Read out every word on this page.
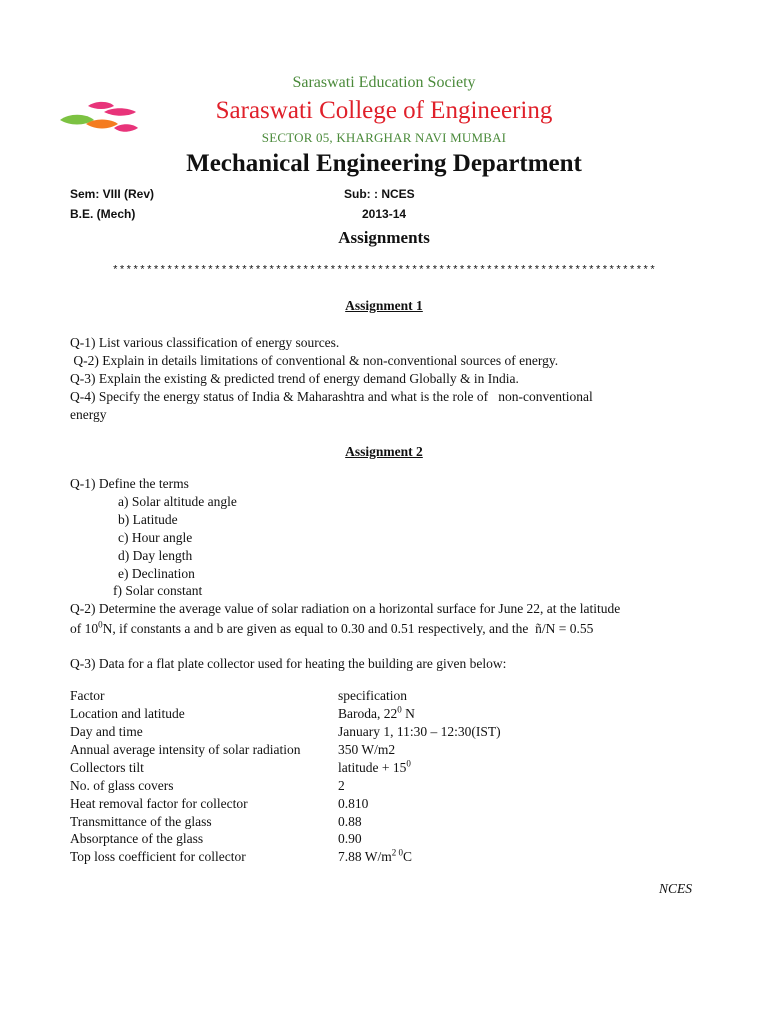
Saraswati Education Society
Saraswati College of Engineering
SECTOR 05, KHARGHAR NAVI MUMBAI
Mechanical Engineering Department
Sem: VIII (Rev)	Sub: : NCES
B.E. (Mech)	2013-14
Assignments
********************************************************************************
Assignment 1
Q-1) List various classification of energy sources.
Q-2) Explain in details limitations of conventional & non-conventional sources of energy.
Q-3) Explain the existing & predicted trend of energy demand Globally & in India.
Q-4) Specify the energy status of India & Maharashtra and what is the role of   non-conventional
energy
Assignment 2
Q-1) Define the terms
a) Solar altitude angle
b) Latitude
c) Hour angle
d) Day length
e) Declination
f) Solar constant
Q-2) Determine the average value of solar radiation on a horizontal surface for June 22, at the latitude
of $10^0N$, if constants a and b are given as equal to 0.30 and 0.51 respectively, and the  ñ/N = 0.55
Q-3) Data for a flat plate collector used for heating the building are given below:
Factor	specification
Location and latitude	Baroda, $22^0$ N
Day and time	January 1, 11:30 – 12:30(IST)
Annual average intensity of solar radiation	350 W/m2
Collectors tilt	latitude + $15^0$
No. of glass covers	2
Heat removal factor for collector	0.810
Transmittance of the glass	0.88
Absorptance of the glass	0.90
Top loss coefficient for collector	7.88 $W/m^{2 0}C$
NCES
